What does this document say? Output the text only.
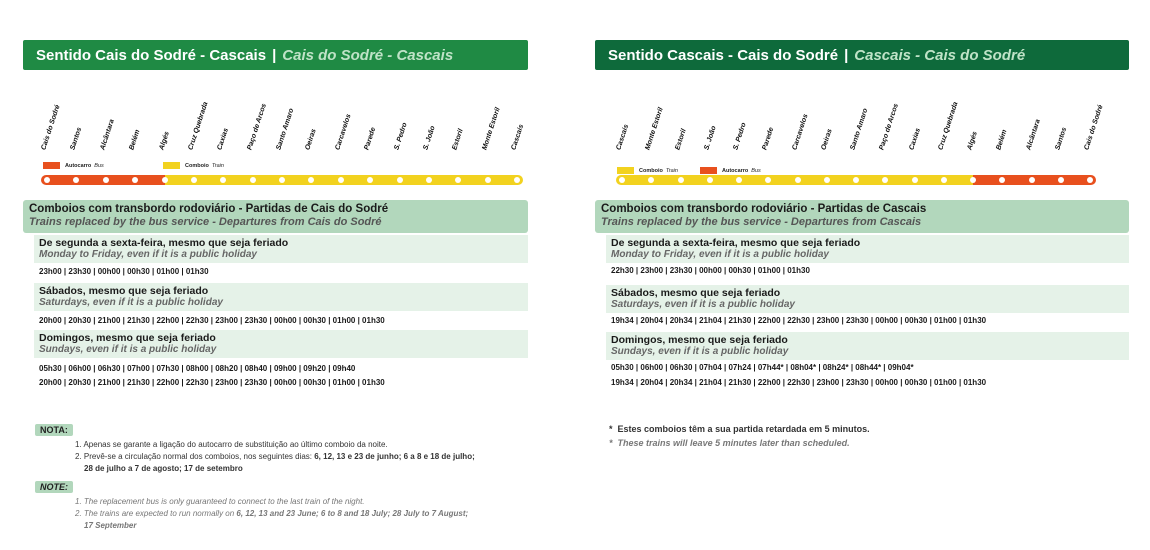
Sentido Cais do Sodré - Cascais | Cais do Sodré - Cascais
Cais do Sodré Santos Alcântara Belém Algés Cruz Quebrada Caxias Paço de Arcos Santo Amaro Oeiras Carcavelos Parede S. Pedro S. João Estoril Monte Estoril Cascais
Autocarro Bus	Comboio Train
Comboios com transbordo rodoviário - Partidas de Cais do Sodré
Trains replaced by the bus service - Departures from Cais do Sodré
De segunda a sexta-feira, mesmo que seja feriado
Monday to Friday, even if it is a public holiday
23h00 | 23h30 | 00h00 | 00h30 | 01h00 | 01h30
Sábados, mesmo que seja feriado
Saturdays, even if it is a public holiday
20h00 | 20h30 | 21h00 | 21h30 | 22h00 | 22h30 | 23h00 | 23h30 | 00h00 | 00h30 | 01h00 | 01h30
Domingos, mesmo que seja feriado
Sundays, even if it is a public holiday
05h30 | 06h00 | 06h30 | 07h00 | 07h30 | 08h00 | 08h20 | 08h40 | 09h00 | 09h20 | 09h40
20h00 | 20h30 | 21h00 | 21h30 | 22h00 | 22h30 | 23h00 | 23h30 | 00h00 | 00h30 | 01h00 | 01h30
NOTA:
1. Apenas se garante a ligação do autocarro de substituição ao último comboio da noite.
2. Prevê-se a circulação normal dos comboios, nos seguintes dias: 6, 12, 13 e 23 de junho; 6 a 8 e 18 de julho;
28 de julho a 7 de agosto; 17 de setembro
NOTE:
1. The replacement bus is only guaranteed to connect to the last train of the night.
2. The trains are expected to run normally on 6, 12, 13 and 23 June; 6 to 8 and 18 July; 28 July to 7 August;
17 September
Sentido Cascais - Cais do Sodré | Cascais - Cais do Sodré
Cascais Monte Estoril Estoril S. João S. Pedro Parede Carcavelos Oeiras Santo Amaro Paço de Arcos Caxias Cruz Quebrada Algés Belém Alcântara Santos Cais do Sodré
Comboio Train	Autocarro Bus
Comboios com transbordo rodoviário - Partidas de Cascais
Trains replaced by the bus service - Departures from Cascais
De segunda a sexta-feira, mesmo que seja feriado
Monday to Friday, even if it is a public holiday
22h30 | 23h00 | 23h30 | 00h00 | 00h30 | 01h00 | 01h30
Sábados, mesmo que seja feriado
Saturdays, even if it is a public holiday
19h34 | 20h04 | 20h34 | 21h04 | 21h30 | 22h00 | 22h30 | 23h00 | 23h30 | 00h00 | 00h30 | 01h00 | 01h30
Domingos, mesmo que seja feriado
Sundays, even if it is a public holiday
05h30 | 06h00 | 06h30 | 07h04 | 07h24 | 07h44* | 08h04* | 08h24* | 08h44* | 09h04*
19h34 | 20h04 | 20h34 | 21h04 | 21h30 | 22h00 | 22h30 | 23h00 | 23h30 | 00h00 | 00h30 | 01h00 | 01h30
* Estes comboios têm a sua partida retardada em 5 minutos.
* These trains will leave 5 minutes later than scheduled.
